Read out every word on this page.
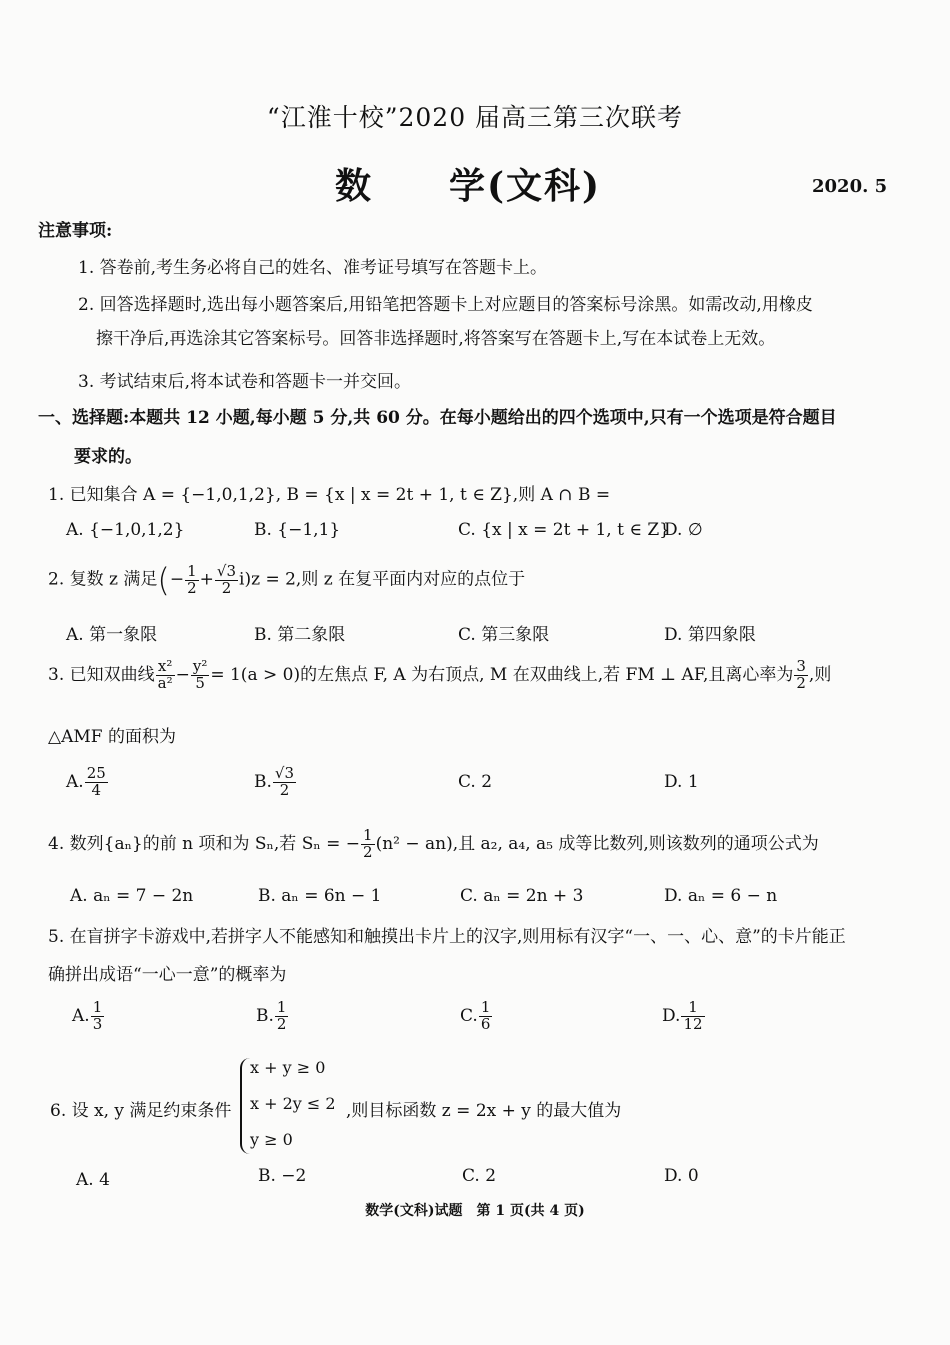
“江淮十校”2020 届高三第三次联考
数　　学(文科)	2020. 5
注意事项:
1. 答卷前,考生务必将自己的姓名、准考证号填写在答题卡上。
2. 回答选择题时,选出每小题答案后,用铅笔把答题卡上对应题目的答案标号涂黑。如需改动,用橡皮
擦干净后,再选涂其它答案标号。回答非选择题时,将答案写在答题卡上,写在本试卷上无效。
3. 考试结束后,将本试卷和答题卡一并交回。
一、选择题:本题共 12 小题,每小题 5 分,共 60 分。在每小题给出的四个选项中,只有一个选项是符合题目
要求的。
1. 已知集合 A = {−1,0,1,2}, B = {x | x = 2t + 1, t ∈ Z},则 A ∩ B =
A. {−1,0,1,2}	B. {−1,1}	C. {x | x = 2t + 1, t ∈ Z}
D. ∅
2. 复数 z 满足(− $\frac{1}{2} + \frac{√3}{2} i)z = 2$,则 z 在复平面内对应的点位于
A. 第一象限	B. 第二象限	C. 第三象限	D. 第四象限
3. 已知双曲线 $\frac{\text{x²}}{\text{a²}} - \frac{\text{y²}}{5} = 1(a > 0)$的左焦点 F, A 为右顶点, M 在双曲线上,若 FM ⊥ AF,且离心率为 $\frac{3}{2}$ ,则
△AMF 的面积为
A. $\frac{25}{4}$	B. $\frac{√3}{2}$	C. 2	D. 1
4. 数列{aₙ}的前 n 项和为 Sₙ,若 Sₙ = − $\frac{1}{2} (n^2 - an)$,且 a₂, a₄, a₅ 成等比数列,则该数列的通项公式为
A. aₙ = 7 − 2n	B. aₙ = 6n − 1	C. aₙ = 2n + 3	D. aₙ = 6 − n
5. 在盲拼字卡游戏中,若拼字人不能感知和触摸出卡片上的汉字,则用标有汉字“一、一、心、意”的卡片能正
确拼出成语“一心一意”的概率为
A. $\frac{1}{3}$	B. $\frac{1}{2}$	C. $\frac{1}{6}$	D. $\frac{1}{12}$
6. 设 x, y 满足约束条件
x + y ≥ 0
x + 2y ≤ 2
y ≥ 0
,则目标函数 z = 2x + y 的最大值为
A. 4	B. −2	C. 2	D. 0
数学(文科)试题　第 1 页(共 4 页)
